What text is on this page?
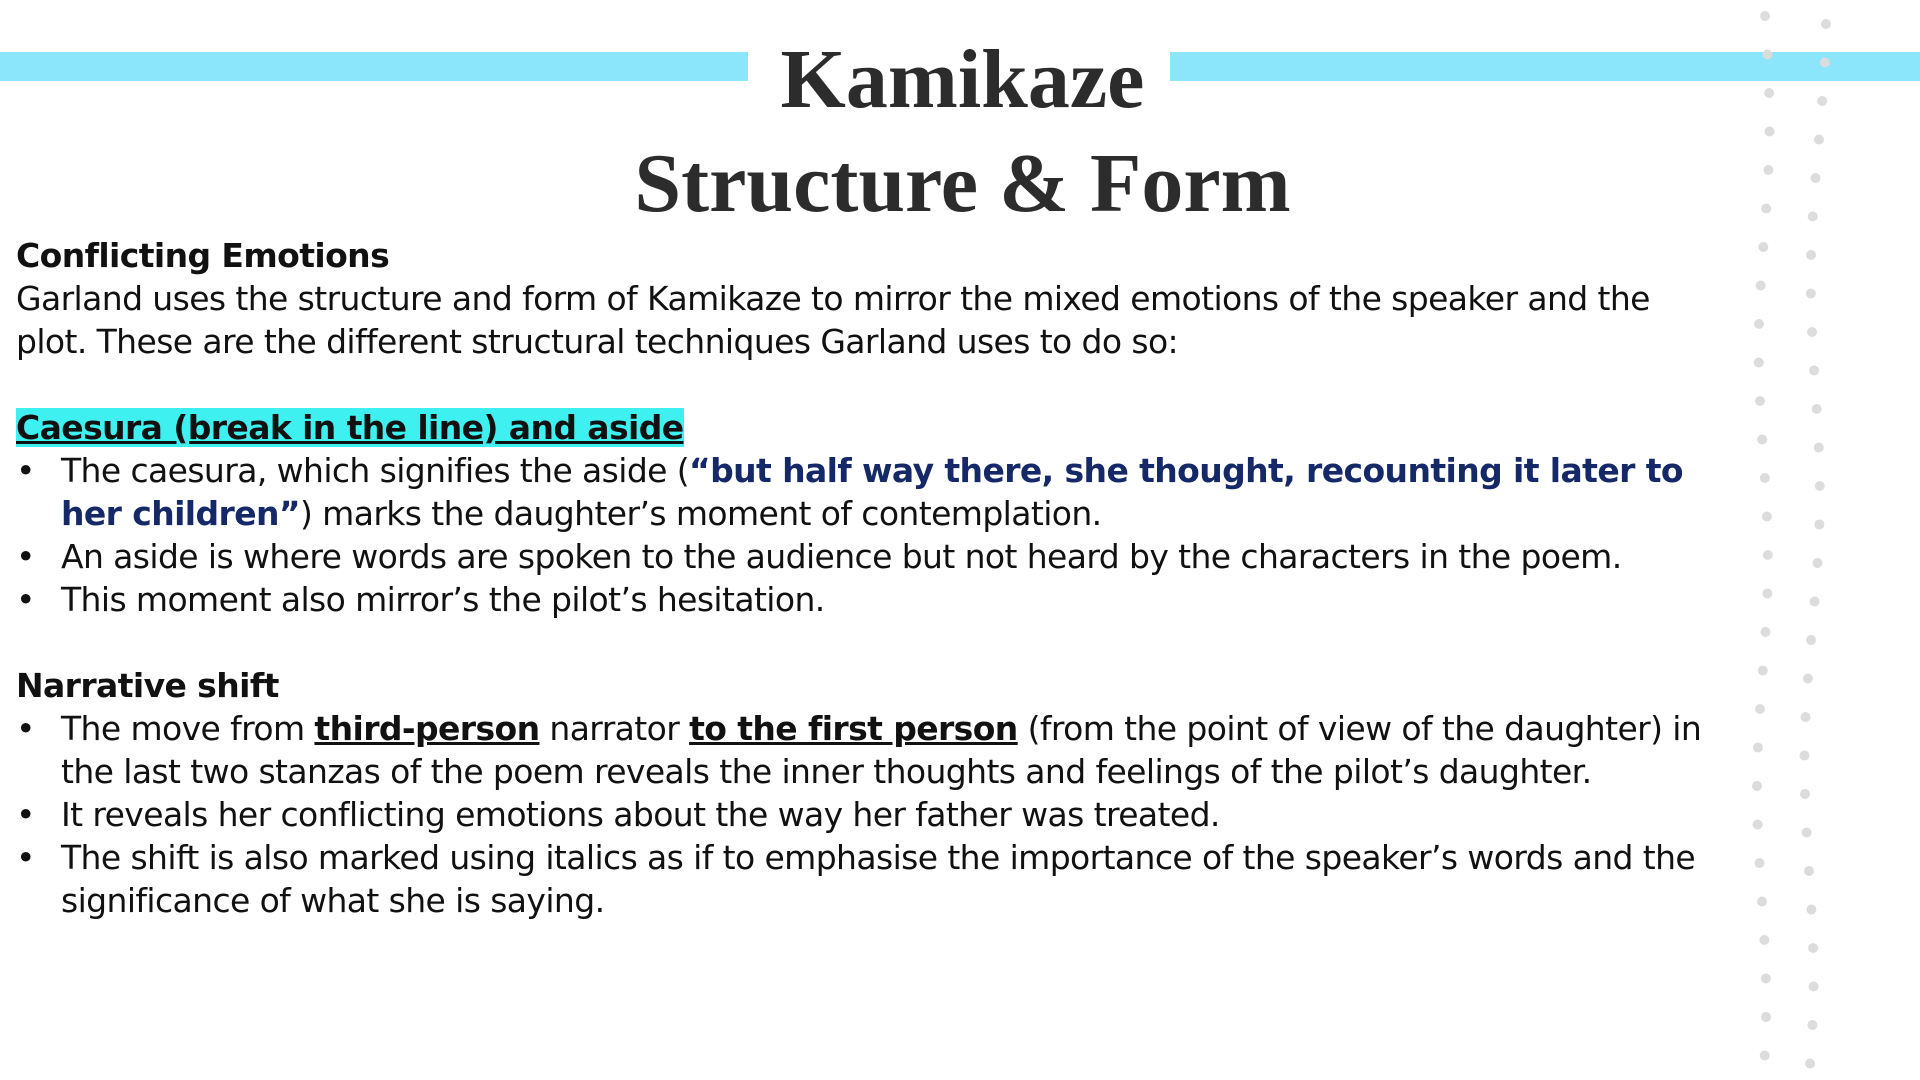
Kamikaze
Structure & Form

Conflicting Emotions

Garland uses the structure and form of Kamikaze to mirror the mixed emotions of the speaker and the plot. These are the different structural techniques Garland uses to do so:

Caesura (break in the line) and aside

• The caesura, which signifies the aside (“but half way there, she thought, recounting it later to her children”) marks the daughter’s moment of contemplation.
• An aside is where words are spoken to the audience but not heard by the characters in the poem.
• This moment also mirror’s the pilot’s hesitation.

Narrative shift

• The move from third-person narrator to the first person (from the point of view of the daughter) in the last two stanzas of the poem reveals the inner thoughts and feelings of the pilot’s daughter.
• It reveals her conflicting emotions about the way her father was treated.
• The shift is also marked using italics as if to emphasise the importance of the speaker’s words and the significance of what she is saying.
